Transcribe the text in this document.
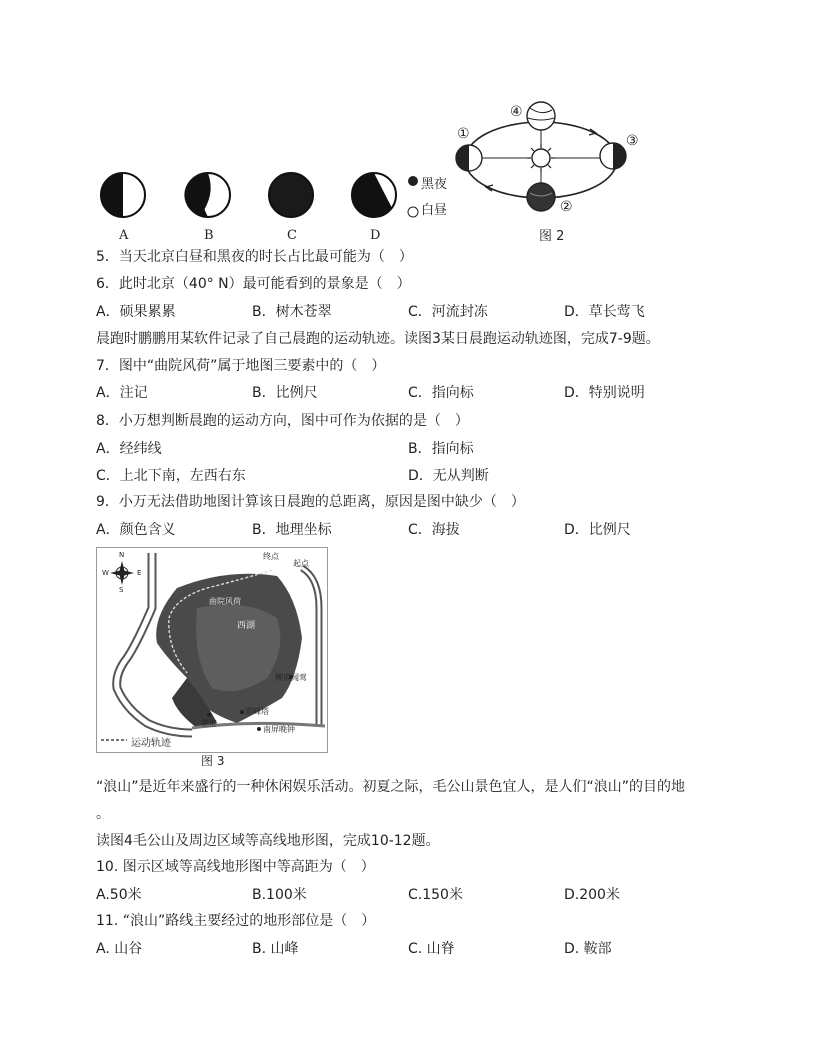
A	B	C	D
黑夜
白昼
①
②
③
④
图 2
5．当天北京白昼和黑夜的时长占比最可能为（　）
6．此时北京（40° N）最可能看到的景象是（　）
A．硕果累累	B．树木苍翠	C．河流封冻	D．草长莺飞
晨跑时鹏鹏用某软件记录了自己晨跑的运动轨迹。读图3某日晨跑运动轨迹图，完成7-9题。
7．图中“曲院风荷”属于地图三要素中的（　）
A．注记	B．比例尺	C．指向标	D．特别说明
8．小万想判断晨跑的运动方向，图中可作为依据的是（　）
A．经纬线	B．指向标
C．上北下南，左西右东	D．无从判断
9．小万无法借助地图计算该日晨跑的总距离，原因是图中缺少（　）
A．颜色含义	B．地理坐标	C．海拔	D．比例尺
N
S
W	E
终点
起点
曲院风荷
西湖
柳浪闻莺
花港
雷峰塔
南屏晚钟
运动轨迹
图 3
“浪山”是近年来盛行的一种休闲娱乐活动。初夏之际，毛公山景色宜人，是人们“浪山”的目的地
。
读图4毛公山及周边区域等高线地形图，完成10-12题。
10. 图示区域等高线地形图中等高距为（　）
A.50米	B.100米	C.150米	D.200米
11. “浪山”路线主要经过的地形部位是（　）
A. 山谷	B. 山峰	C. 山脊	D. 鞍部
